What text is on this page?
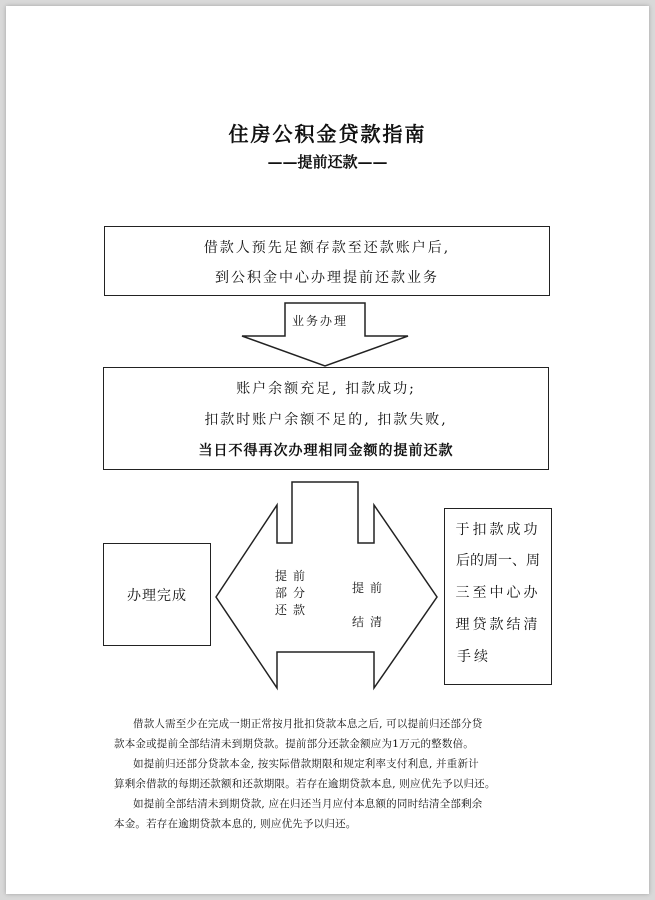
住房公积金贷款指南
——提前还款——
借款人预先足额存款至还款账户后,
到公积金中心办理提前还款业务
业务办理
账户余额充足, 扣款成功;
扣款时账户余额不足的, 扣款失败,
当日不得再次办理相同金额的提前还款
办理完成
提前
部分
还款
提前
结清
于扣款成功
后的周一、周
三至中心办
理贷款结清
手续
借款人需至少在完成一期正常按月批扣贷款本息之后, 可以提前归还部分贷
款本金或提前全部结清未到期贷款。提前部分还款金额应为1万元的整数倍。
如提前归还部分贷款本金, 按实际借款期限和规定利率支付利息, 并重新计
算剩余借款的每期还款额和还款期限。若存在逾期贷款本息, 则应优先予以归还。
如提前全部结清未到期贷款, 应在归还当月应付本息额的同时结清全部剩余
本金。若存在逾期贷款本息的, 则应优先予以归还。
